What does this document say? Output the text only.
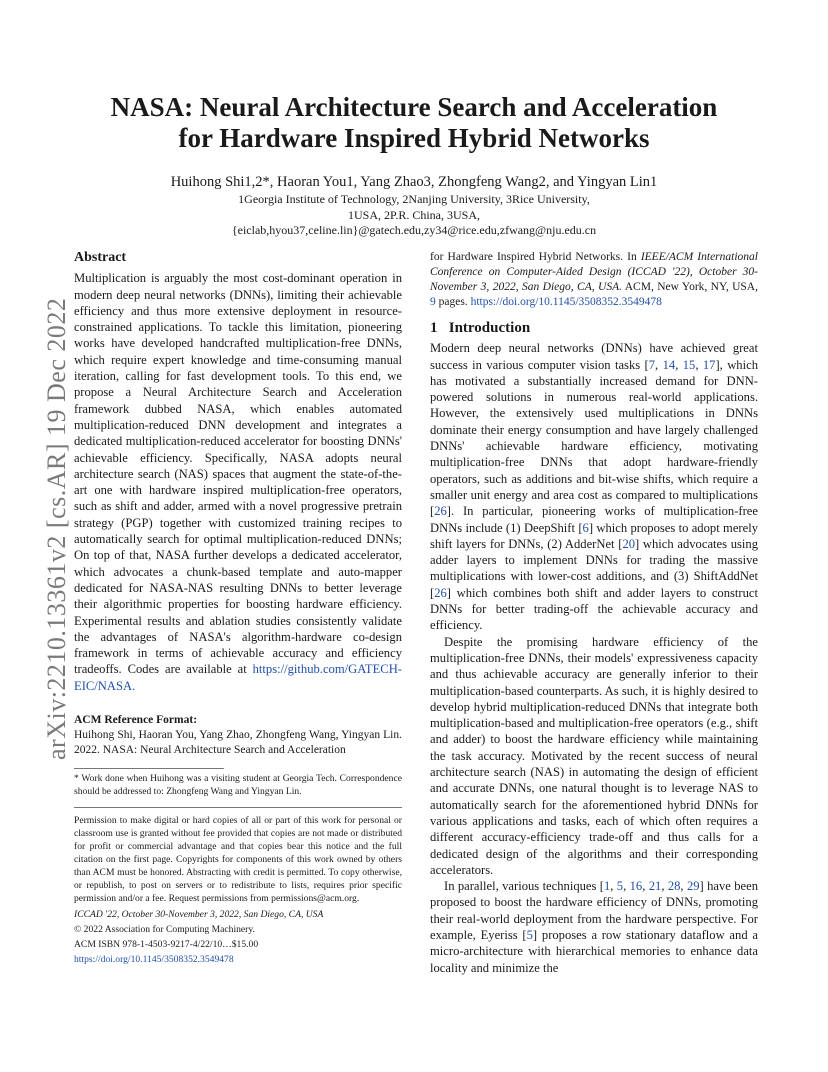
arXiv:2210.13361v2 [cs.AR] 19 Dec 2022
NASA: Neural Architecture Search and Acceleration
for Hardware Inspired Hybrid Networks
Huihong Shi1,2*, Haoran You1, Yang Zhao3, Zhongfeng Wang2, and Yingyan Lin1
1Georgia Institute of Technology, 2Nanjing University, 3Rice University,
1USA, 2P.R. China, 3USA,
{eiclab,hyou37,celine.lin}@gatech.edu,zy34@rice.edu,zfwang@nju.edu.cn
Abstract

Multiplication is arguably the most cost-dominant operation in modern deep neural networks (DNNs), limiting their achievable efficiency and thus more extensive deployment in resource-constrained applications. To tackle this limitation, pioneering works have developed handcrafted multiplication-free DNNs, which require expert knowledge and time-consuming manual iteration, calling for fast development tools. To this end, we propose a Neural Architecture Search and Acceleration framework dubbed NASA, which enables automated multiplication-reduced DNN development and integrates a dedicated multiplication-reduced accelerator for boosting DNNs' achievable efficiency. Specifically, NASA adopts neural architecture search (NAS) spaces that augment the state-of-the-art one with hardware inspired multiplication-free operators, such as shift and adder, armed with a novel progressive pretrain strategy (PGP) together with customized training recipes to automatically search for optimal multiplication-reduced DNNs; On top of that, NASA further develops a dedicated accelerator, which advocates a chunk-based template and auto-mapper dedicated for NASA-NAS resulting DNNs to better leverage their algorithmic properties for boosting hardware efficiency. Experimental results and ablation studies consistently validate the advantages of NASA's algorithm-hardware co-design framework in terms of achievable accuracy and efficiency tradeoffs. Codes are available at https://github.com/GATECH-EIC/NASA.

ACM Reference Format:
Huihong Shi, Haoran You, Yang Zhao, Zhongfeng Wang, Yingyan Lin. 2022. NASA: Neural Architecture Search and Acceleration
* Work done when Huihong was a visiting student at Georgia Tech. Correspondence should be addressed to: Zhongfeng Wang and Yingyan Lin.

Permission to make digital or hard copies of all or part of this work for personal or classroom use is granted without fee provided that copies are not made or distributed for profit or commercial advantage and that copies bear this notice and the full citation on the first page. Copyrights for components of this work owned by others than ACM must be honored. Abstracting with credit is permitted. To copy otherwise, or republish, to post on servers or to redistribute to lists, requires prior specific permission and/or a fee. Request permissions from permissions@acm.org.

ICCAD '22, October 30-November 3, 2022, San Diego, CA, USA

© 2022 Association for Computing Machinery.

ACM ISBN 978-1-4503-9217-4/22/10…$15.00

https://doi.org/10.1145/3508352.3549478

for Hardware Inspired Hybrid Networks. In IEEE/ACM International Conference on Computer-Aided Design (ICCAD '22), October 30-November 3, 2022, San Diego, CA, USA. ACM, New York, NY, USA, 9 pages. https://doi.org/10.1145/3508352.3549478

1 Introduction

Modern deep neural networks (DNNs) have achieved great success in various computer vision tasks [7, 14, 15, 17], which has motivated a substantially increased demand for DNN-powered solutions in numerous real-world applications. However, the extensively used multiplications in DNNs dominate their energy consumption and have largely challenged DNNs' achievable hardware efficiency, motivating multiplication-free DNNs that adopt hardware-friendly operators, such as additions and bit-wise shifts, which require a smaller unit energy and area cost as compared to multiplications [26]. In particular, pioneering works of multiplication-free DNNs include (1) DeepShift [6] which proposes to adopt merely shift layers for DNNs, (2) AdderNet [20] which advocates using adder layers to implement DNNs for trading the massive multiplications with lower-cost additions, and (3) ShiftAddNet [26] which combines both shift and adder layers to construct DNNs for better trading-off the achievable accuracy and efficiency.

Despite the promising hardware efficiency of the multiplication-free DNNs, their models' expressiveness capacity and thus achievable accuracy are generally inferior to their multiplication-based counterparts. As such, it is highly desired to develop hybrid multiplication-reduced DNNs that integrate both multiplication-based and multiplication-free operators (e.g., shift and adder) to boost the hardware efficiency while maintaining the task accuracy. Motivated by the recent success of neural architecture search (NAS) in automating the design of efficient and accurate DNNs, one natural thought is to leverage NAS to automatically search for the aforementioned hybrid DNNs for various applications and tasks, each of which often requires a different accuracy-efficiency trade-off and thus calls for a dedicated design of the algorithms and their corresponding accelerators.

In parallel, various techniques [1, 5, 16, 21, 28, 29] have been proposed to boost the hardware efficiency of DNNs, promoting their real-world deployment from the hardware perspective. For example, Eyeriss [5] proposes a row stationary dataflow and a micro-architecture with hierarchical memories to enhance data locality and minimize the
